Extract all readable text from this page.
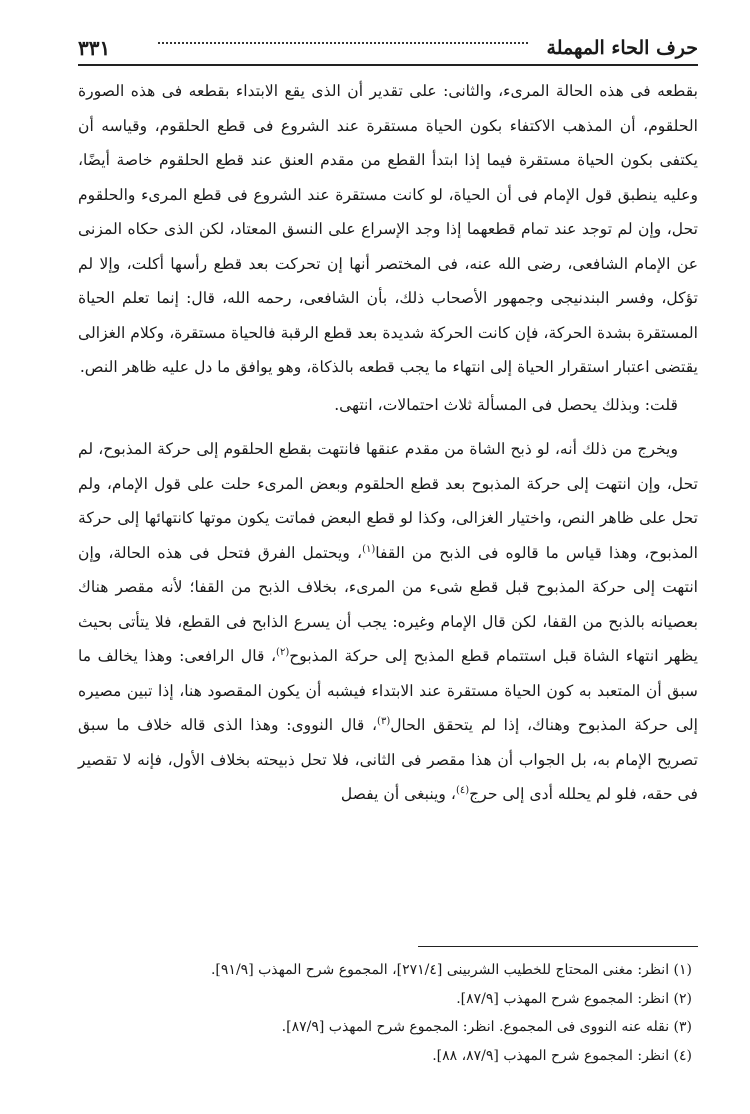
حرف الحاء المهملة
٣٣١

بقطعه فى هذه الحالة المرىء، والثانى: على تقدير أن الذى يقع الابتداء بقطعه فى هذه الصورة الحلقوم، أن المذهب الاكتفاء بكون الحياة مستقرة عند الشروع فى قطع الحلقوم، وقياسه أن يكتفى بكون الحياة مستقرة فيما إذا ابتدأ القطع من مقدم العنق عند قطع الحلقوم خاصة أيضًا، وعليه ينطبق قول الإمام فى أن الحياة، لو كانت مستقرة عند الشروع فى قطع المرىء والحلقوم تحل، وإن لم توجد عند تمام قطعهما إذا وجد الإسراع على النسق المعتاد، لكن الذى حكاه المزنى عن الإمام الشافعى، رضى الله عنه، فى المختصر أنها إن تحركت بعد قطع رأسها أكلت، وإلا لم تؤكل، وفسر البندنيجى وجمهور الأصحاب ذلك، بأن الشافعى، رحمه الله، قال: إنما تعلم الحياة المستقرة بشدة الحركة، فإن كانت الحركة شديدة بعد قطع الرقبة فالحياة مستقرة، وكلام الغزالى يقتضى اعتبار استقرار الحياة إلى انتهاء ما يجب قطعه بالذكاة، وهو يوافق ما دل عليه ظاهر النص.

قلت: وبذلك يحصل فى المسألة ثلاث احتمالات، انتهى.

ويخرج من ذلك أنه، لو ذبح الشاة من مقدم عنقها فانتهت بقطع الحلقوم إلى حركة المذبوح، لم تحل، وإن انتهت إلى حركة المذبوح بعد قطع الحلقوم وبعض المرىء حلت على قول الإمام، ولم تحل على ظاهر النص، واختيار الغزالى، وكذا لو قطع البعض فماتت يكون موتها كانتهائها إلى حركة المذبوح، وهذا قياس ما قالوه فى الذبح من القفا$^{(١)}$، ويحتمل الفرق فتحل فى هذه الحالة، وإن انتهت إلى حركة المذبوح قبل قطع شىء من المرىء، بخلاف الذبح من القفا؛ لأنه مقصر هناك بعصيانه بالذبح من القفا، لكن قال الإمام وغيره: يجب أن يسرع الذابح فى القطع، فلا يتأتى بحيث يظهر انتهاء الشاة قبل استتمام قطع المذبح إلى حركة المذبوح$^{(٢)}$، قال الرافعى: وهذا يخالف ما سبق أن المتعبد به كون الحياة مستقرة عند الابتداء فيشبه أن يكون المقصود هنا، إذا تبين مصيره إلى حركة المذبوح وهناك، إذا لم يتحقق الحال$^{(٣)}$، قال النووى: وهذا الذى قاله خلاف ما سبق تصريح الإمام به، بل الجواب أن هذا مقصر فى الثانى، فلا تحل ذبيحته بخلاف الأول، فإنه لا تقصير فى حقه، فلو لم يحلله أدى إلى حرج$^{(٤)}$، وينبغى أن يفصل

(١) انظر: مغنى المحتاج للخطيب الشربينى [٢٧١/٤]، المجموع شرح المهذب [٩١/٩].
(٢) انظر: المجموع شرح المهذب [٨٧/٩].
(٣) نقله عنه النووى فى المجموع. انظر: المجموع شرح المهذب [٨٧/٩].
(٤) انظر: المجموع شرح المهذب [٨٧/٩، ٨٨].
